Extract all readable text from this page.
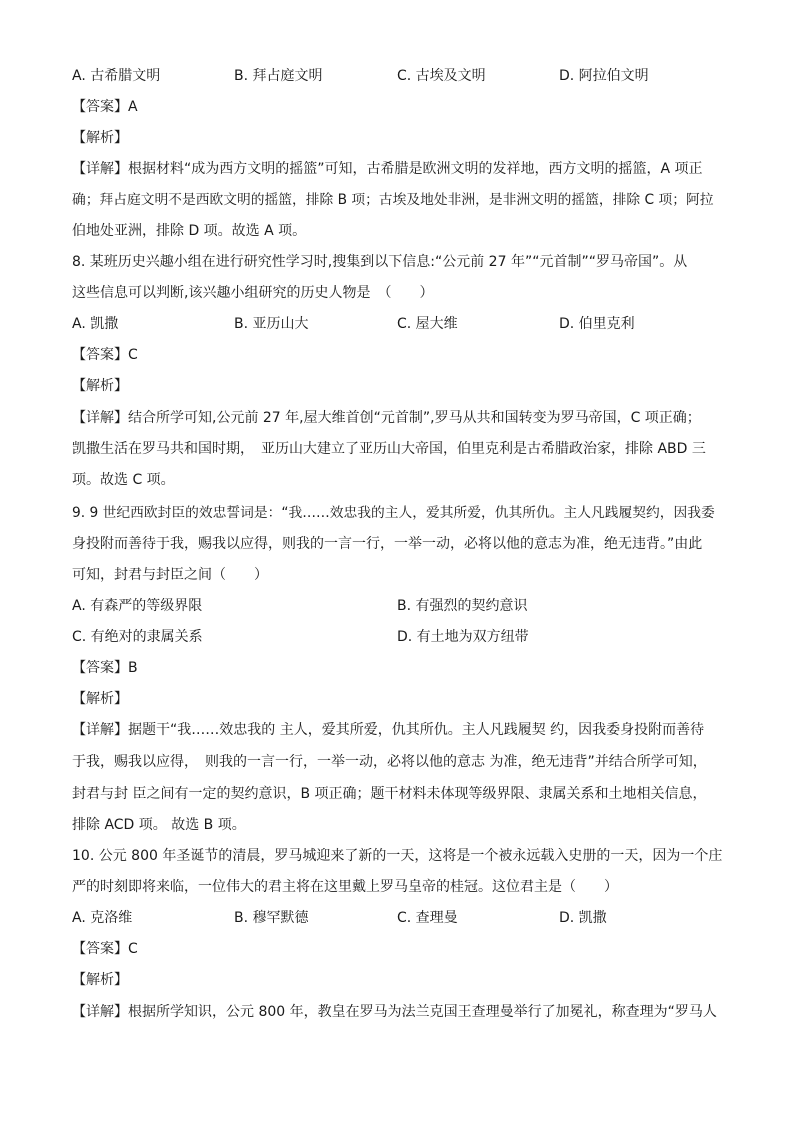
A. 古希腊文明	B. 拜占庭文明	C. 古埃及文明	D. 阿拉伯文明
【答案】A
【解析】
【详解】根据材料“成为西方文明的摇篮”可知，古希腊是欧洲文明的发祥地，西方文明的摇篮，A 项正
确；拜占庭文明不是西欧文明的摇篮，排除 B 项；古埃及地处非洲，是非洲文明的摇篮，排除 C 项；阿拉
伯地处亚洲，排除 D 项。故选 A 项。
8. 某班历史兴趣小组在进行研究性学习时,搜集到以下信息:“公元前 27 年”“元首制”“罗马帝国”。从
这些信息可以判断,该兴趣小组研究的历史人物是　（　　）
A. 凯撒	B. 亚历山大	C. 屋大维	D. 伯里克利
【答案】C
【解析】
【详解】结合所学可知,公元前 27 年,屋大维首创“元首制”,罗马从共和国转变为罗马帝国，C 项正确；
凯撒生活在罗马共和国时期，　亚历山大建立了亚历山大帝国，伯里克利是古希腊政治家，排除 ABD 三
项。故选 C 项。
9. 9 世纪西欧封臣的效忠誓词是：“我……效忠我的主人，爱其所爱，仇其所仇。主人凡践履契约，因我委
身投附而善待于我，赐我以应得，则我的一言一行，一举一动，必将以他的意志为准，绝无违背。”由此
可知，封君与封臣之间（　　）
A. 有森严的等级界限	B. 有强烈的契约意识
C. 有绝对的隶属关系	D. 有土地为双方纽带
【答案】B
【解析】
【详解】据题干“我……效忠我的 主人，爱其所爱，仇其所仇。主人凡践履契 约，因我委身投附而善待
于我，赐我以应得，　则我的一言一行，一举一动，必将以他的意志 为准，绝无违背”并结合所学可知，
封君与封 臣之间有一定的契约意识，B 项正确；题干材料未体现等级界限、隶属关系和土地相关信息，
排除 ACD 项。 故选 B 项。
10. 公元 800 年圣诞节的清晨，罗马城迎来了新的一天，这将是一个被永远载入史册的一天，因为一个庄
严的时刻即将来临，一位伟大的君主将在这里戴上罗马皇帝的桂冠。这位君主是（　　）
A. 克洛维	B. 穆罕默德	C. 查理曼	D. 凯撒
【答案】C
【解析】
【详解】根据所学知识，公元 800 年，教皇在罗马为法兰克国王查理曼举行了加冕礼，称查理为“罗马人
